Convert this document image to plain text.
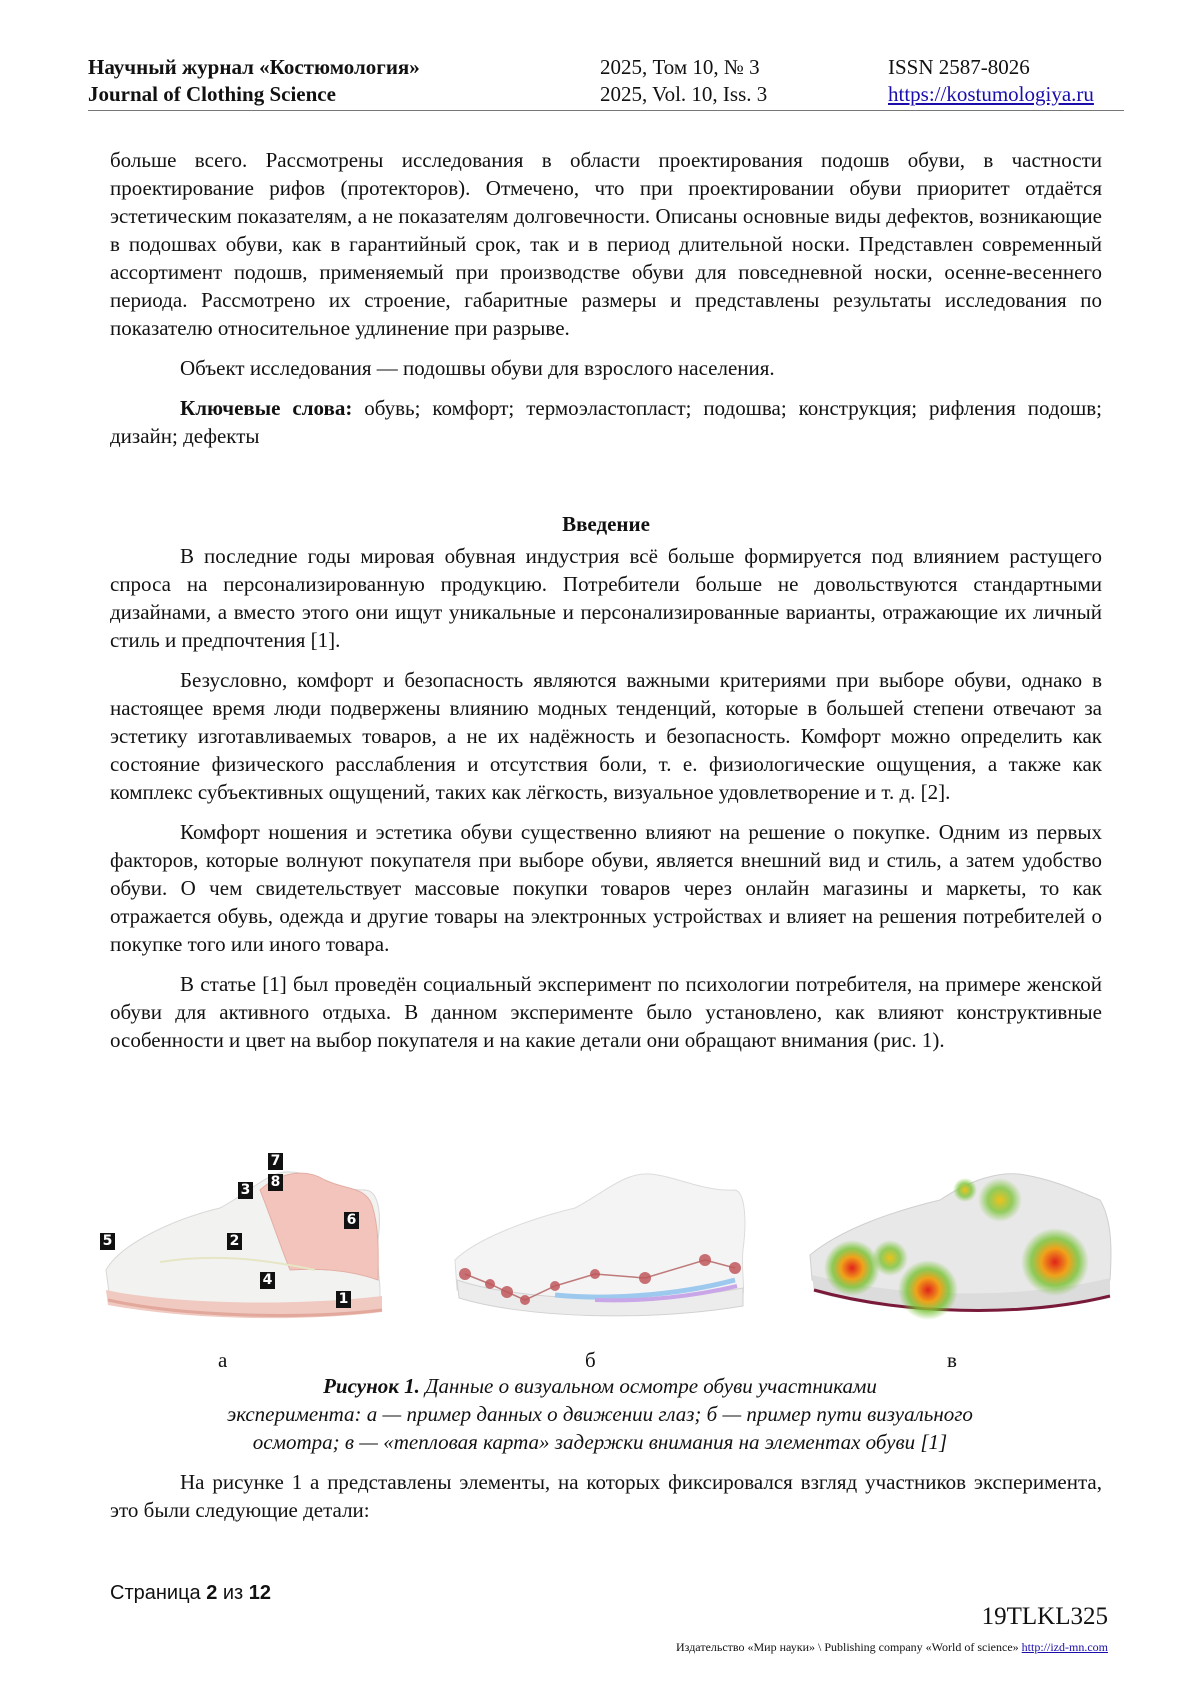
Научный журнал «Костюмология»
Journal of Clothing Science
2025, Том 10, № 3
2025, Vol. 10, Iss. 3
ISSN 2587-8026
https://kostumologiya.ru

больше всего. Рассмотрены исследования в области проектирования подошв обуви, в частности проектирование рифов (протекторов). Отмечено, что при проектировании обуви приоритет отдаётся эстетическим показателям, а не показателям долговечности. Описаны основные виды дефектов, возникающие в подошвах обуви, как в гарантийный срок, так и в период длительной носки. Представлен современный ассортимент подошв, применяемый при производстве обуви для повседневной носки, осенне-весеннего периода. Рассмотрено их строение, габаритные размеры и представлены результаты исследования по показателю относительное удлинение при разрыве.

Объект исследования — подошвы обуви для взрослого населения.

Ключевые слова: обувь; комфорт; термоэластопласт; подошва; конструкция; рифления подошв; дизайн; дефекты

Введение

В последние годы мировая обувная индустрия всё больше формируется под влиянием растущего спроса на персонализированную продукцию. Потребители больше не довольствуются стандартными дизайнами, а вместо этого они ищут уникальные и персонализированные варианты, отражающие их личный стиль и предпочтения [1].

Безусловно, комфорт и безопасность являются важными критериями при выборе обуви, однако в настоящее время люди подвержены влиянию модных тенденций, которые в большей степени отвечают за эстетику изготавливаемых товаров, а не их надёжность и безопасность. Комфорт можно определить как состояние физического расслабления и отсутствия боли, т. е. физиологические ощущения, а также как комплекс субъективных ощущений, таких как лёгкость, визуальное удовлетворение и т. д. [2].

Комфорт ношения и эстетика обуви существенно влияют на решение о покупке. Одним из первых факторов, которые волнуют покупателя при выборе обуви, является внешний вид и стиль, а затем удобство обуви. О чем свидетельствует массовые покупки товаров через онлайн магазины и маркеты, то как отражается обувь, одежда и другие товары на электронных устройствах и влияет на решения потребителей о покупке того или иного товара.

В статье [1] был проведён социальный эксперимент по психологии потребителя, на примере женской обуви для активного отдыха. В данном эксперименте было установлено, как влияют конструктивные особенности и цвет на выбор покупателя и на какие детали они обращают внимания (рис. 1).

1
2
3
4
5
6
7
8
а	б	в
Рисунок 1. Данные о визуальном осмотре обуви участниками
эксперимента: а — пример данных о движении глаз; б — пример пути визуального
осмотра; в — «тепловая карта» задержки внимания на элементах обуви [1]
На рисунке 1 а представлены элементы, на которых фиксировался взгляд участников эксперимента, это были следующие детали:
Страница 2 из 12
19TLKL325
Издательство «Мир науки» \ Publishing company «World of science» http://izd-mn.com
